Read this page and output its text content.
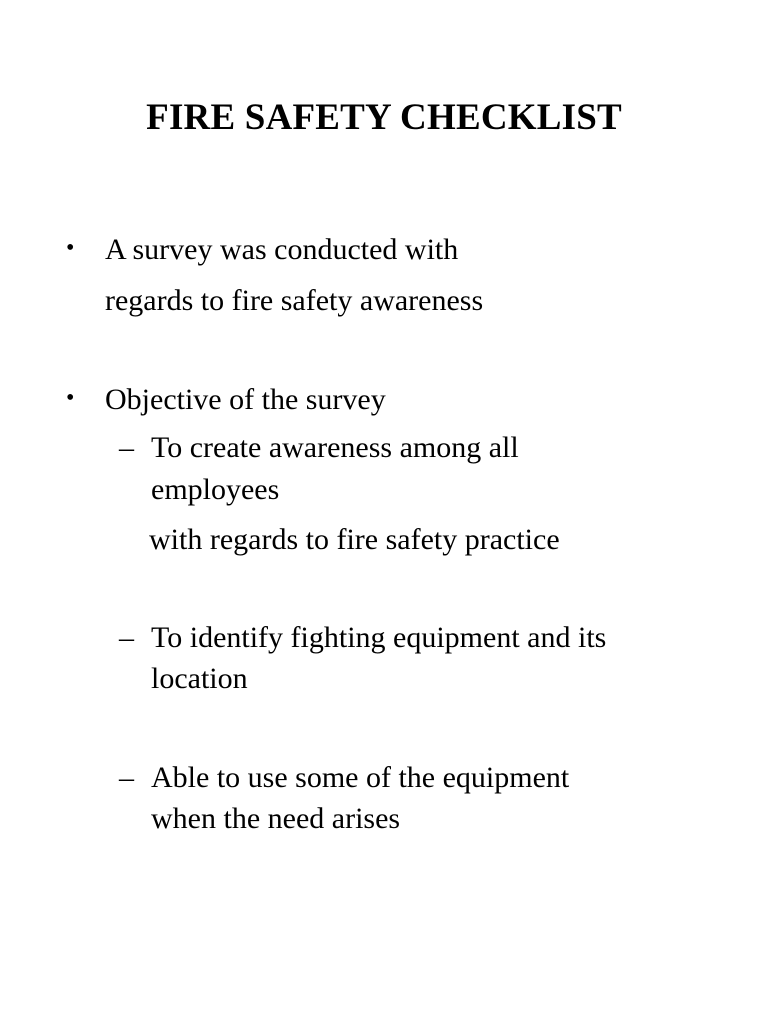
FIRE SAFETY CHECKLIST
• A survey was conducted with
regards to fire safety awareness
• Objective of the survey
– To create awareness among all
employees
with regards to fire safety practice
– To identify fighting equipment and its
location
– Able to use some of the equipment
when the need arises
